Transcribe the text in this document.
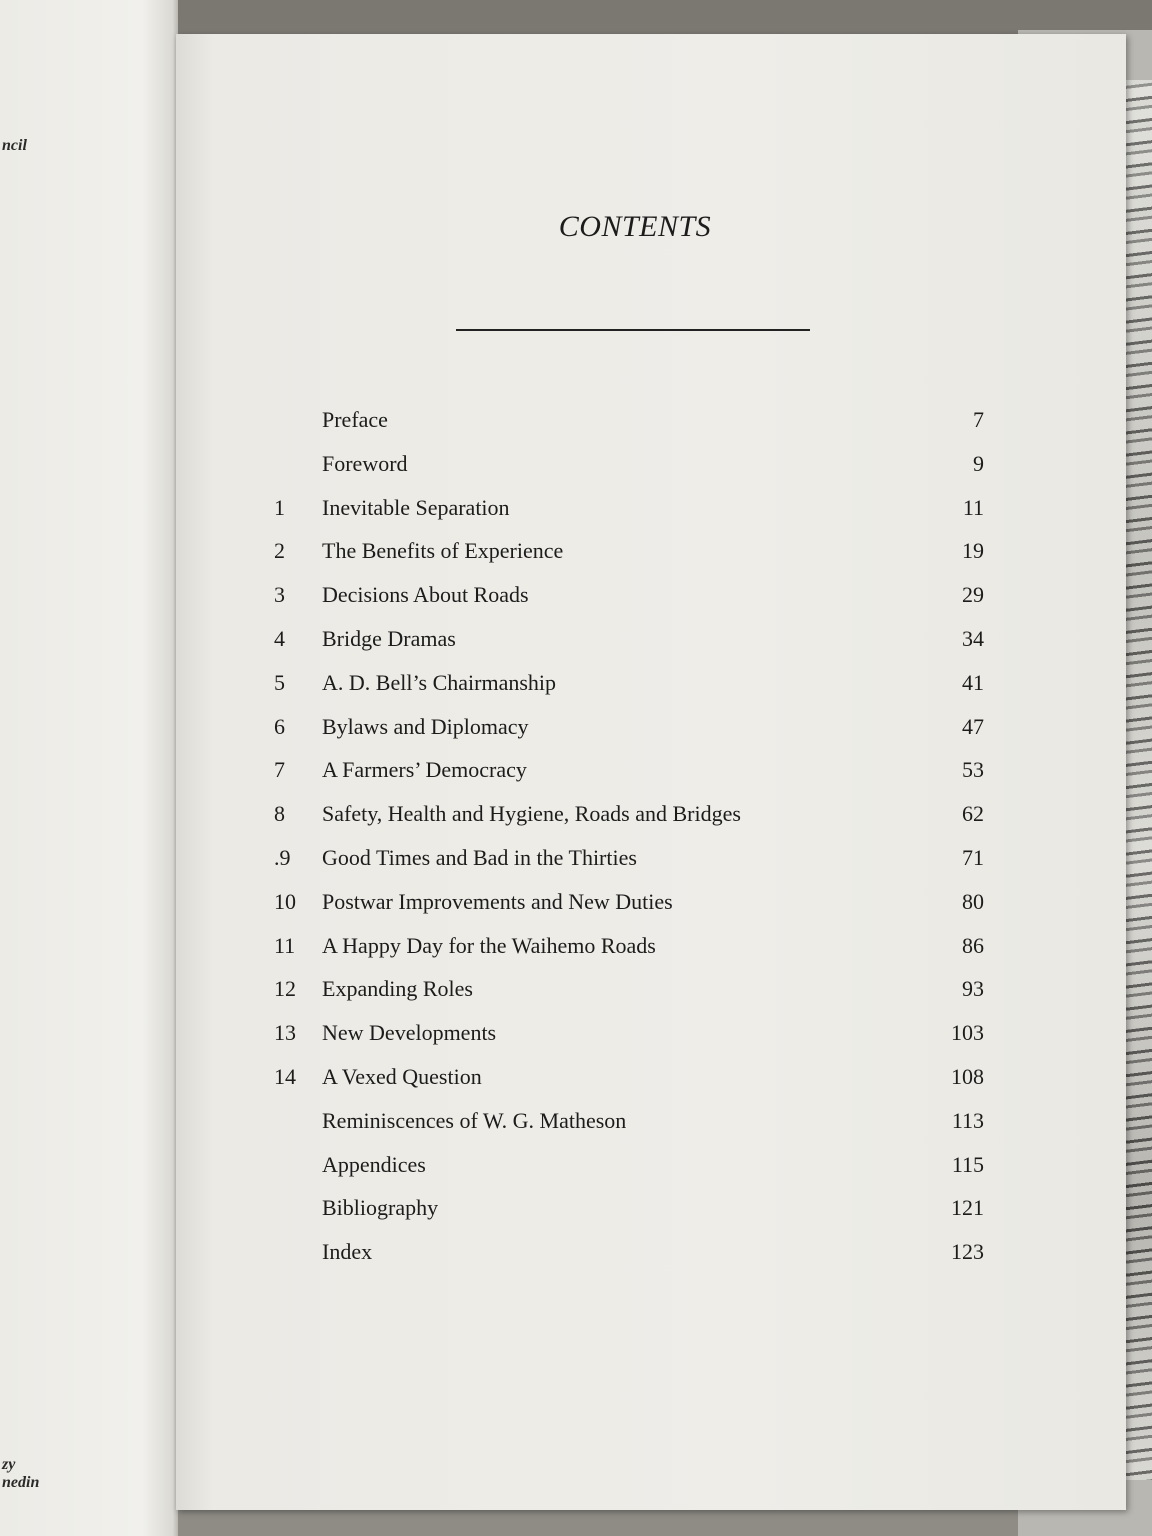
ncil
zy
nedin
CONTENTS
Preface	7
Foreword	9
1	Inevitable Separation	11
2	The Benefits of Experience	19
3	Decisions About Roads	29
4	Bridge Dramas	34
5	A. D. Bell’s Chairmanship	41
6	Bylaws and Diplomacy	47
7	A Farmers’ Democracy	53
8	Safety, Health and Hygiene, Roads and Bridges	62
.9	Good Times and Bad in the Thirties	71
10	Postwar Improvements and New Duties	80
11	A Happy Day for the Waihemo Roads	86
12	Expanding Roles	93
13	New Developments	103
14	A Vexed Question	108
Reminiscences of W. G. Matheson	113
Appendices	115
Bibliography	121
Index	123
